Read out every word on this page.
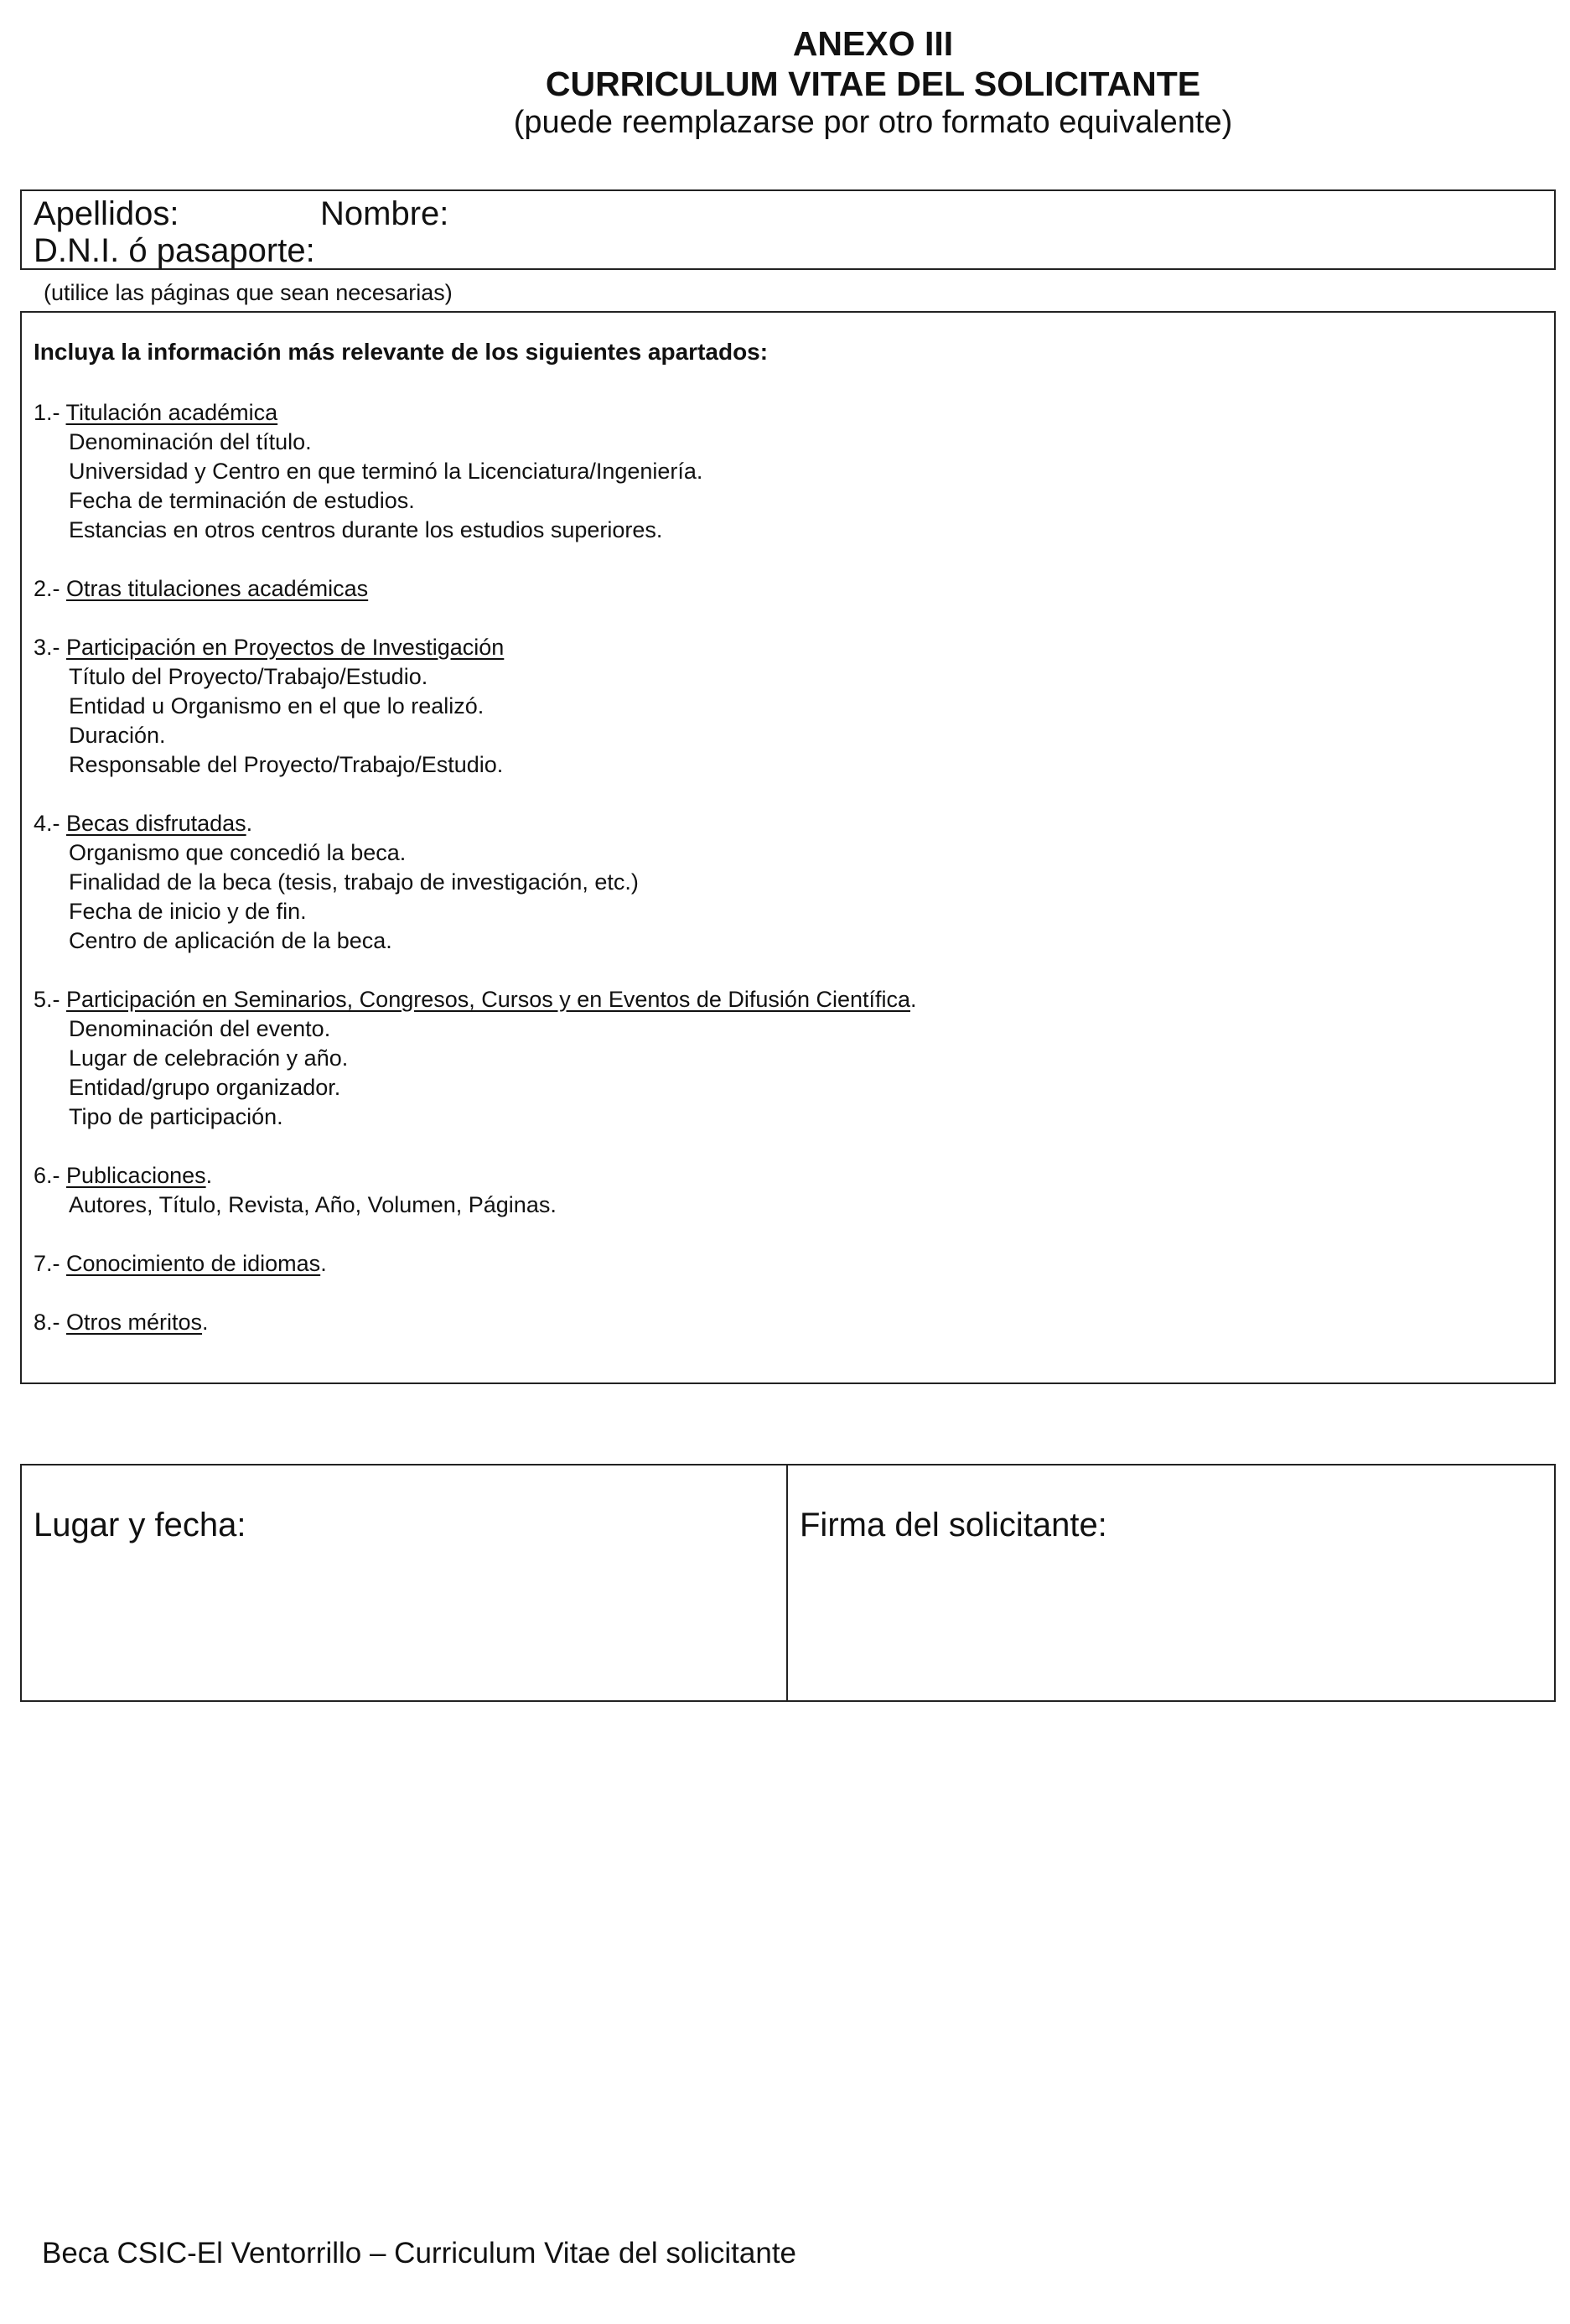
ANEXO III

CURRICULUM VITAE DEL SOLICITANTE

(puede reemplazarse por otro formato equivalente)

Apellidos:	Nombre:
D.N.I. ó pasaporte:
(utilice las páginas que sean necesarias)
Incluya la información más relevante de los siguientes apartados:
1.- Titulación académica
Denominación del título.
Universidad y Centro en que terminó la Licenciatura/Ingeniería.
Fecha de terminación de estudios.
Estancias en otros centros durante los estudios superiores.
2.- Otras titulaciones académicas
3.- Participación en Proyectos de Investigación
Título del Proyecto/Trabajo/Estudio.
Entidad u Organismo en el que lo realizó.
Duración.
Responsable del Proyecto/Trabajo/Estudio.
4.- Becas disfrutadas.
Organismo que concedió la beca.
Finalidad de la beca (tesis, trabajo de investigación, etc.)
Fecha de inicio y de fin.
Centro de aplicación de la beca.
5.- Participación en Seminarios, Congresos, Cursos y en Eventos de Difusión Científica.
Denominación del evento.
Lugar de celebración y año.
Entidad/grupo organizador.
Tipo de participación.
6.- Publicaciones.
Autores, Título, Revista, Año, Volumen, Páginas.
7.- Conocimiento de idiomas.
8.- Otros méritos.
Lugar y fecha:	Firma del solicitante:
Beca CSIC-El Ventorrillo – Curriculum Vitae del solicitante
